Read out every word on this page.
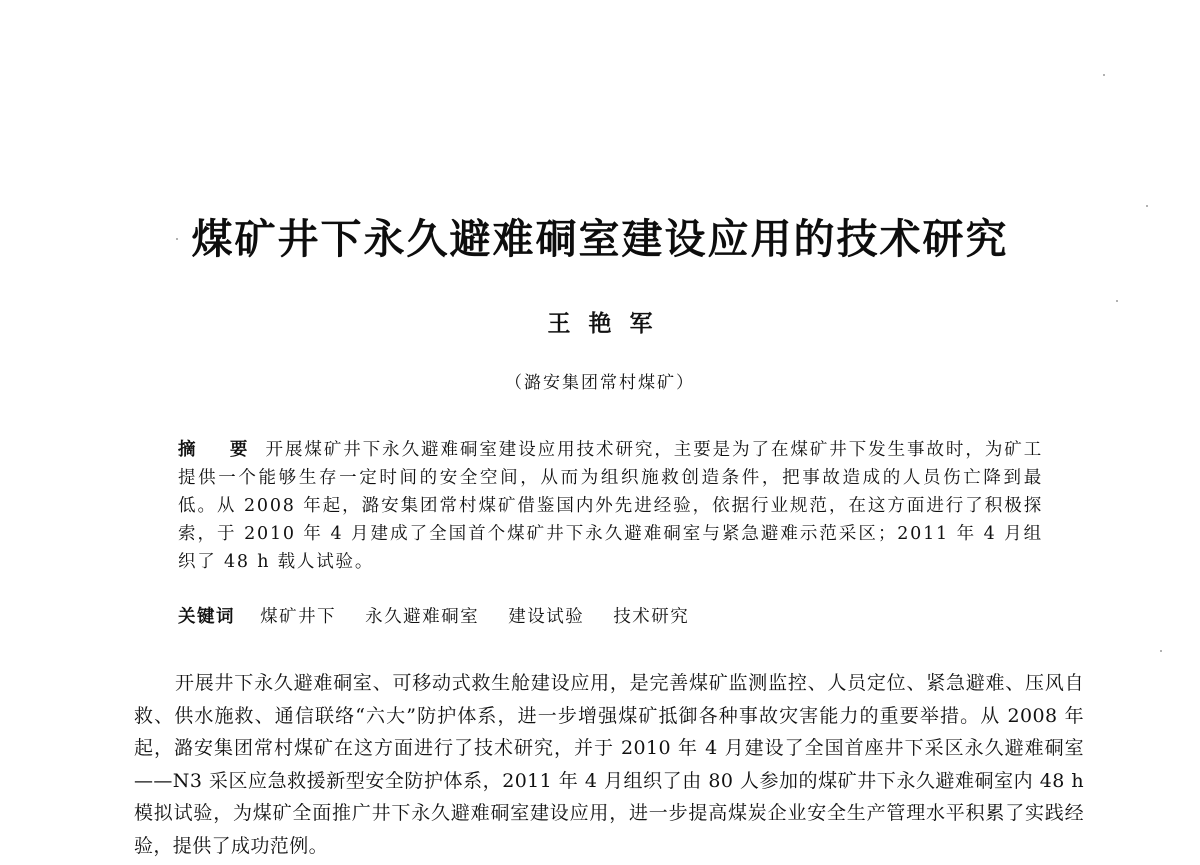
煤矿井下永久避难硐室建设应用的技术研究
王艳军
（潞安集团常村煤矿）
摘 要 开展煤矿井下永久避难硐室建设应用技术研究，主要是为了在煤矿井下发生事故时，为矿工提供一个能够生存一定时间的安全空间，从而为组织施救创造条件，把事故造成的人员伤亡降到最低。从 2008 年起，潞安集团常村煤矿借鉴国内外先进经验，依据行业规范，在这方面进行了积极探索，于 2010 年 4 月建成了全国首个煤矿井下永久避难硐室与紧急避难示范采区；2011 年 4 月组织了 48 h 载人试验。
关键词 煤矿井下 永久避难硐室 建设试验 技术研究

开展井下永久避难硐室、可移动式救生舱建设应用，是完善煤矿监测监控、人员定位、紧急避难、压风自救、供水施救、通信联络“六大”防护体系，进一步增强煤矿抵御各种事故灾害能力的重要举措。从 2008 年起，潞安集团常村煤矿在这方面进行了技术研究，并于 2010 年 4 月建设了全国首座井下采区永久避难硐室——N3 采区应急救援新型安全防护体系，2011 年 4 月组织了由 80 人参加的煤矿井下永久避难硐室内 48 h 模拟试验，为煤矿全面推广井下永久避难硐室建设应用，进一步提高煤炭企业安全生产管理水平积累了实践经验，提供了成功范例。
